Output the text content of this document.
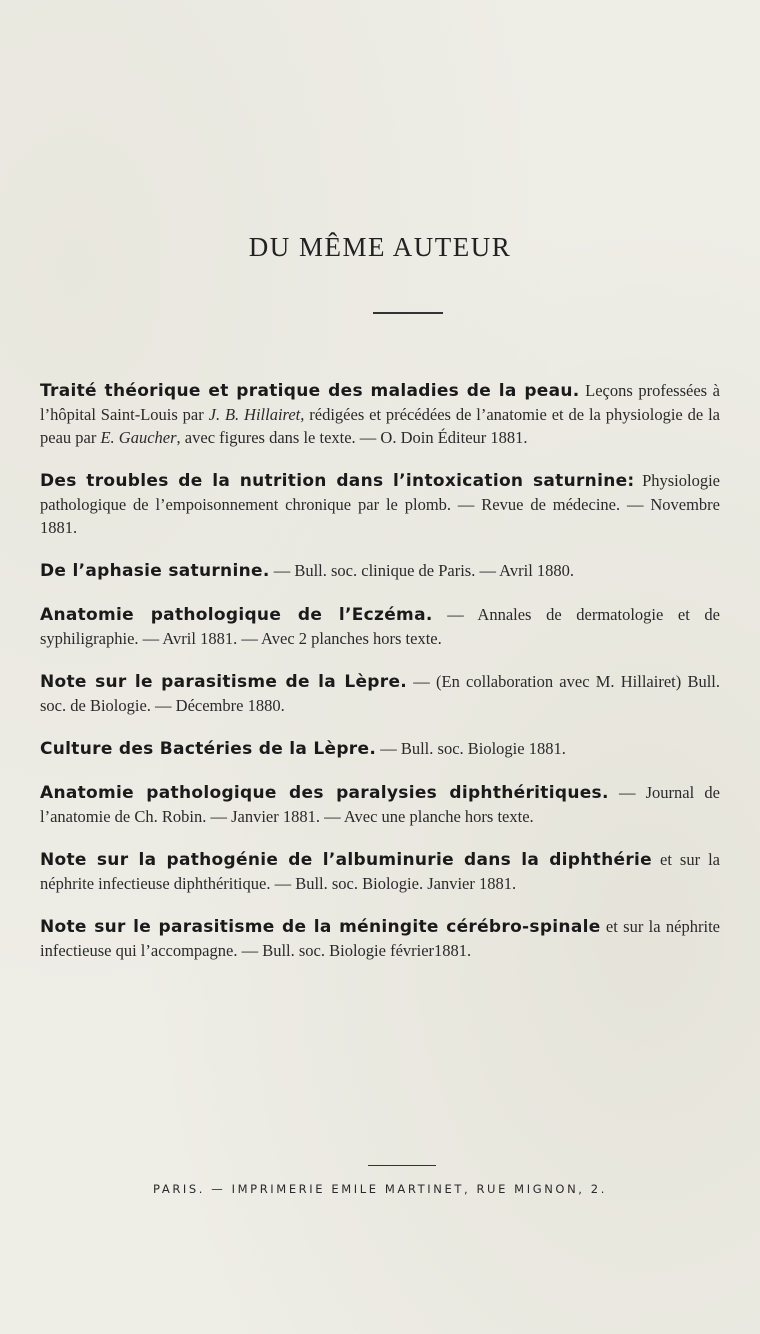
DU MÊME AUTEUR

Traité théorique et pratique des maladies de la peau. Leçons professées à l’hôpital Saint-Louis par J. B. Hillairet, rédigées et précédées de l’anatomie et de la physiologie de la peau par E. Gaucher, avec figures dans le texte. — O. Doin Éditeur 1881.

Des troubles de la nutrition dans l’intoxication saturnine: Physiologie pathologique de l’empoisonnement chronique par le plomb. — Revue de médecine. — Novembre 1881.

De l’aphasie saturnine. — Bull. soc. clinique de Paris. — Avril 1880.

Anatomie pathologique de l’Eczéma. — Annales de dermatologie et de syphiligraphie. — Avril 1881. — Avec 2 planches hors texte.

Note sur le parasitisme de la Lèpre. — (En collaboration avec M. Hillairet) Bull. soc. de Biologie. — Décembre 1880.

Culture des Bactéries de la Lèpre. — Bull. soc. Biologie 1881.

Anatomie pathologique des paralysies diphthéritiques. — Journal de l’anatomie de Ch. Robin. — Janvier 1881. — Avec une planche hors texte.

Note sur la pathogénie de l’albuminurie dans la diphthérie et sur la néphrite infectieuse diphthéritique. — Bull. soc. Biologie. Janvier 1881.

Note sur le parasitisme de la méningite cérébro-spinale et sur la néphrite infectieuse qui l’accompagne. — Bull. soc. Biologie février1881.

PARIS. — IMPRIMERIE EMILE MARTINET, RUE MIGNON, 2.
